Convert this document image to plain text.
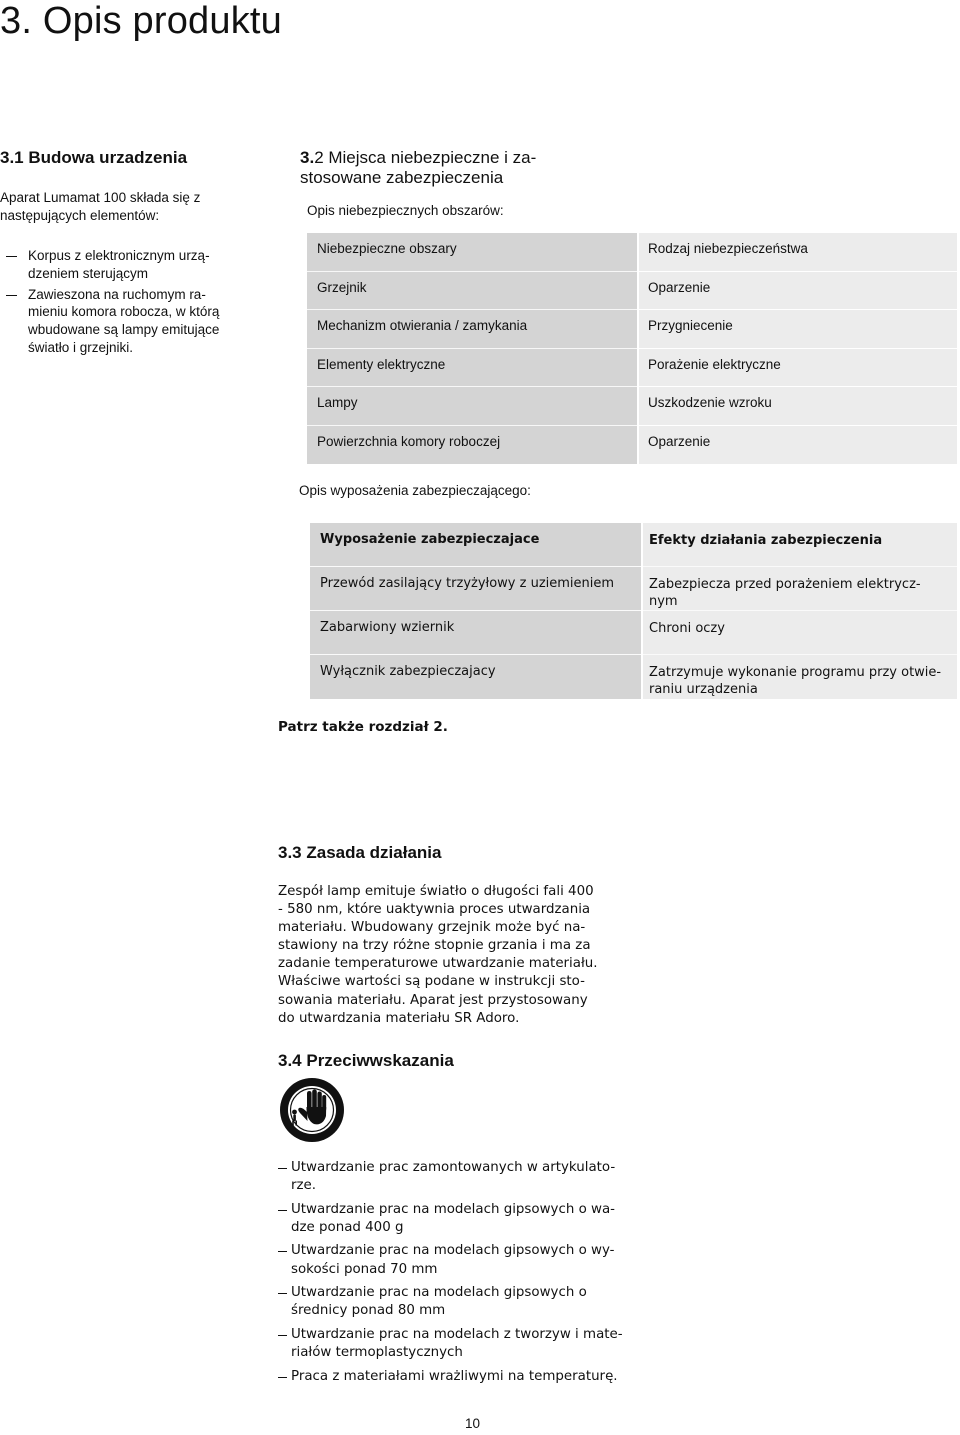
3. Opis produktu
3.1 Budowa urzadzenia

Aparat Lumamat 100 składa się z
następujących elementów:

Korpus z elektronicznym urzą-
dzeniem sterującym
Zawieszona na ruchomym ra-
mieniu komora robocza, w którą
wbudowane są lampy emitujące
światło i grzejniki.
3.2 Miejsca niebezpieczne i za-
stosowane zabezpieczenia

Opis niebezpiecznych obszarów:

Niebezpieczne obszary
Grzejnik
Mechanizm otwierania / zamykania
Elementy elektryczne
Lampy
Powierzchnia komory roboczej
Rodzaj niebezpieczeństwa
Oparzenie
Przygniecenie
Porażenie elektryczne
Uszkodzenie wzroku
Oparzenie

Opis wyposażenia zabezpieczającego:

Wyposażenie zabezpieczajace
Przewód zasilający trzyżyłowy z uziemieniem
Zabarwiony wziernik
Wyłącznik zabezpieczajacy
Efekty działania zabezpieczenia
Zabezpiecza przed porażeniem elektrycz-
nym
Chroni oczy
Zatrzymuje wykonanie programu przy otwie-
raniu urządzenia

Patrz także rozdział 2.

3.3 Zasada działania

Zespół lamp emituje światło o długości fali 400
- 580 nm, które uaktywnia proces utwardzania
materiału. Wbudowany grzejnik może być na-
stawiony na trzy różne stopnie grzania i ma za
zadanie temperaturowe utwardzanie materiału.
Właściwe wartości są podane w instrukcji sto-
sowania materiału. Aparat jest przystosowany
do utwardzania materiału SR Adoro.

3.4 Przeciwwskazania
Utwardzanie prac zamontowanych w artykulato-
rze.
Utwardzanie prac na modelach gipsowych o wa-
dze ponad 400 g
Utwardzanie prac na modelach gipsowych o wy-
sokości ponad 70 mm
Utwardzanie prac na modelach gipsowych o
średnicy ponad 80 mm
Utwardzanie prac na modelach z tworzyw i mate-
riałów termoplastycznych
Praca z materiałami wrażliwymi na temperaturę.

10
